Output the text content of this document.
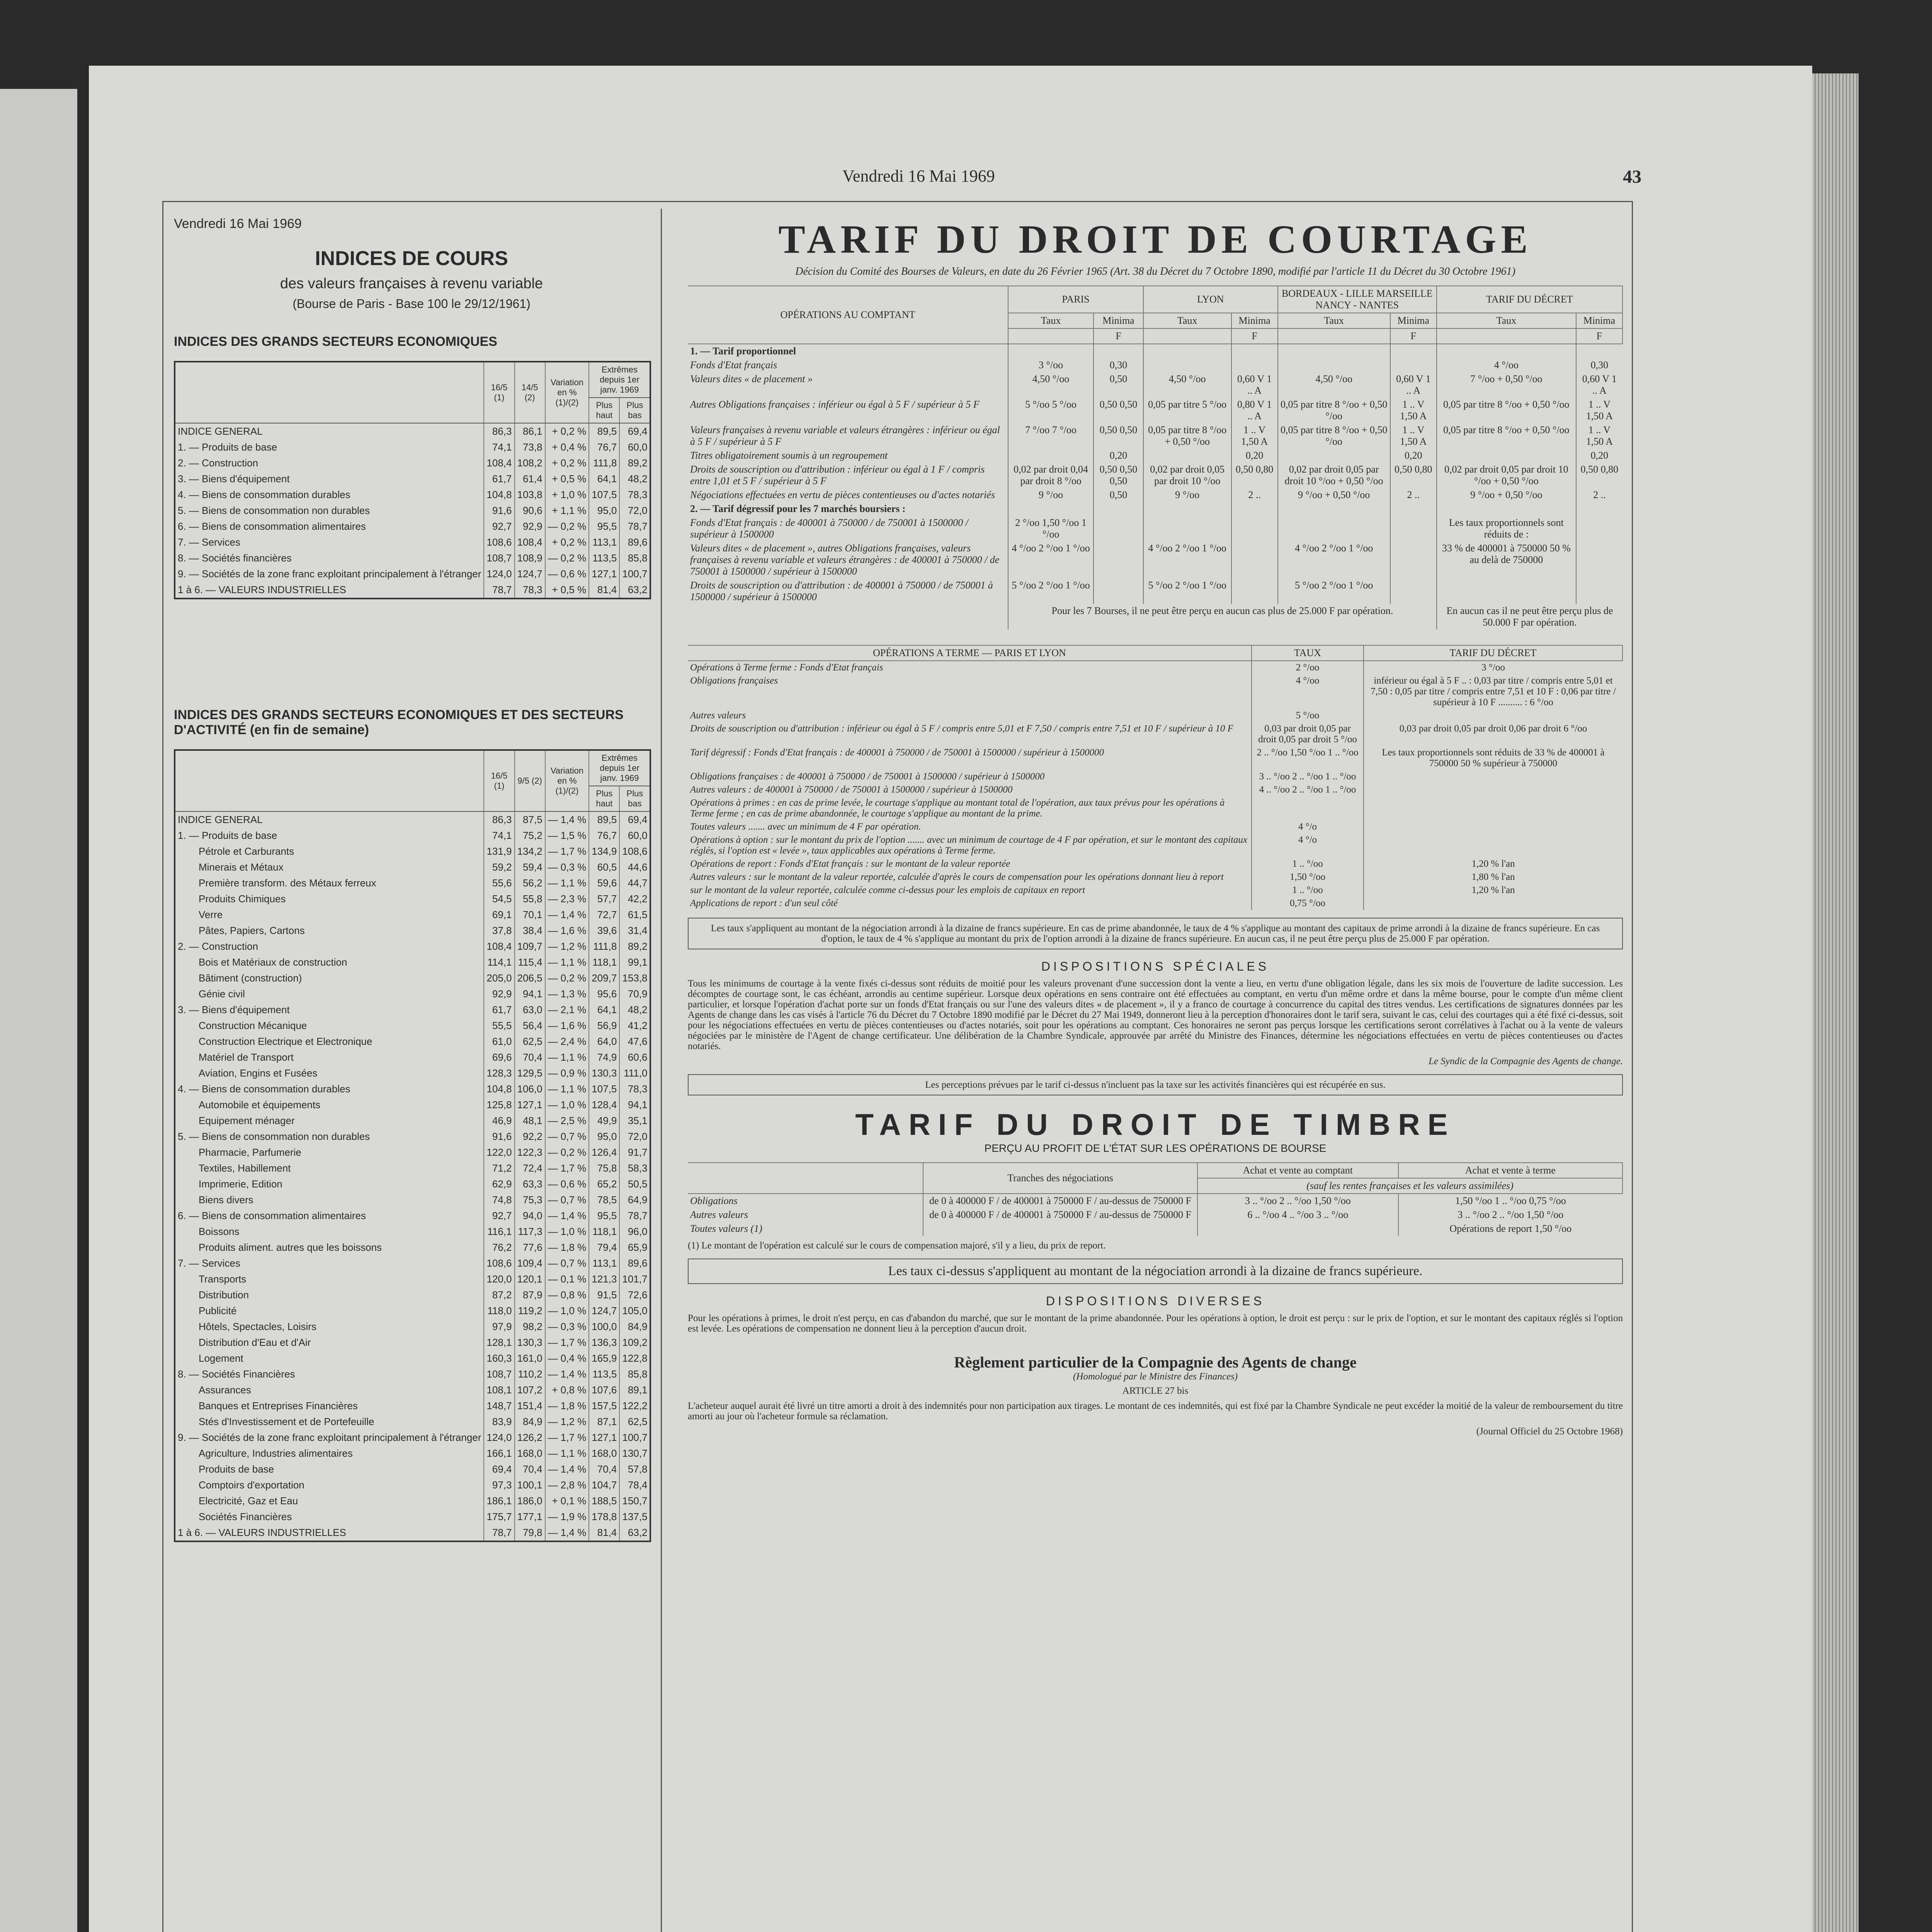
Vendredi 16 Mai 1969	43
Vendredi 16 Mai 1969
INDICES DE COURS
des valeurs françaises à revenu variable
(Bourse de Paris - Base 100 le 29/12/1961)
INDICES DES GRANDS SECTEURS ECONOMIQUES
	16/5 (1)	14/5 (2)	Variation en % (1)/(2)	Extrêmes depuis 1er janv. 1969	
				Plus haut	Plus bas
INDICE GENERAL	86,3	86,1	+ 0,2 %	89,5	69,4
1. — Produits de base	74,1	73,8	+ 0,4 %	76,7	60,0
2. — Construction	108,4	108,2	+ 0,2 %	111,8	89,2
3. — Biens d'équipement	61,7	61,4	+ 0,5 %	64,1	48,2
4. — Biens de consommation durables	104,8	103,8	+ 1,0 %	107,5	78,3
5. — Biens de consommation non durables	91,6	90,6	+ 1,1 %	95,0	72,0
6. — Biens de consommation alimentaires	92,7	92,9	— 0,2 %	95,5	78,7
7. — Services	108,6	108,4	+ 0,2 %	113,1	89,6
8. — Sociétés financières	108,7	108,9	— 0,2 %	113,5	85,8
9. — Sociétés de la zone franc exploitant principalement à l'étranger	124,0	124,7	— 0,6 %	127,1	100,7
1 à 6. — VALEURS INDUSTRIELLES	78,7	78,3	+ 0,5 %	81,4	63,2
INDICES DES GRANDS SECTEURS ECONOMIQUES ET DES SECTEURS D'ACTIVITÉ (en fin de semaine)
	16/5 (1)	9/5 (2)	Variation en % (1)/(2)	Extrêmes depuis 1er janv. 1969	
				Plus haut	Plus bas
INDICE GENERAL	86,3	87,5	— 1,4 %	89,5	69,4
1. — Produits de base	74,1	75,2	— 1,5 %	76,7	60,0
Pétrole et Carburants	131,9	134,2	— 1,7 %	134,9	108,6
Minerais et Métaux	59,2	59,4	— 0,3 %	60,5	44,6
Première transform. des Métaux ferreux	55,6	56,2	— 1,1 %	59,6	44,7
Produits Chimiques	54,5	55,8	— 2,3 %	57,7	42,2
Verre	69,1	70,1	— 1,4 %	72,7	61,5
Pâtes, Papiers, Cartons	37,8	38,4	— 1,6 %	39,6	31,4
2. — Construction	108,4	109,7	— 1,2 %	111,8	89,2
Bois et Matériaux de construction	114,1	115,4	— 1,1 %	118,1	99,1
Bâtiment (construction)	205,0	206,5	— 0,2 %	209,7	153,8
Génie civil	92,9	94,1	— 1,3 %	95,6	70,9
3. — Biens d'équipement	61,7	63,0	— 2,1 %	64,1	48,2
Construction Mécanique	55,5	56,4	— 1,6 %	56,9	41,2
Construction Electrique et Electronique	61,0	62,5	— 2,4 %	64,0	47,6
Matériel de Transport	69,6	70,4	— 1,1 %	74,9	60,6
Aviation, Engins et Fusées	128,3	129,5	— 0,9 %	130,3	111,0
4. — Biens de consommation durables	104,8	106,0	— 1,1 %	107,5	78,3
Automobile et équipements	125,8	127,1	— 1,0 %	128,4	94,1
Equipement ménager	46,9	48,1	— 2,5 %	49,9	35,1
5. — Biens de consommation non durables	91,6	92,2	— 0,7 %	95,0	72,0
Pharmacie, Parfumerie	122,0	122,3	— 0,2 %	126,4	91,7
Textiles, Habillement	71,2	72,4	— 1,7 %	75,8	58,3
Imprimerie, Edition	62,9	63,3	— 0,6 %	65,2	50,5
Biens divers	74,8	75,3	— 0,7 %	78,5	64,9
6. — Biens de consommation alimentaires	92,7	94,0	— 1,4 %	95,5	78,7
Boissons	116,1	117,3	— 1,0 %	118,1	96,0
Produits aliment. autres que les boissons	76,2	77,6	— 1,8 %	79,4	65,9
7. — Services	108,6	109,4	— 0,7 %	113,1	89,6
Transports	120,0	120,1	— 0,1 %	121,3	101,7
Distribution	87,2	87,9	— 0,8 %	91,5	72,6
Publicité	118,0	119,2	— 1,0 %	124,7	105,0
Hôtels, Spectacles, Loisirs	97,9	98,2	— 0,3 %	100,0	84,9
Distribution d'Eau et d'Air	128,1	130,3	— 1,7 %	136,3	109,2
Logement	160,3	161,0	— 0,4 %	165,9	122,8
8. — Sociétés Financières	108,7	110,2	— 1,4 %	113,5	85,8
Assurances	108,1	107,2	+ 0,8 %	107,6	89,1
Banques et Entreprises Financières	148,7	151,4	— 1,8 %	157,5	122,2
Stés d'Investissement et de Portefeuille	83,9	84,9	— 1,2 %	87,1	62,5
9. — Sociétés de la zone franc exploitant principalement à l'étranger	124,0	126,2	— 1,7 %	127,1	100,7
Agriculture, Industries alimentaires	166,1	168,0	— 1,1 %	168,0	130,7
Produits de base	69,4	70,4	— 1,4 %	70,4	57,8
Comptoirs d'exportation	97,3	100,1	— 2,8 %	104,7	78,4
Electricité, Gaz et Eau	186,1	186,0	+ 0,1 %	188,5	150,7
Sociétés Financières	175,7	177,1	— 1,9 %	178,8	137,5
1 à 6. — VALEURS INDUSTRIELLES	78,7	79,8	— 1,4 %	81,4	63,2
TARIF DU DROIT DE COURTAGE
Décision du Comité des Bourses de Valeurs, en date du 26 Février 1965 (Art. 38 du Décret du 7 Octobre 1890, modifié par l'article 11 du Décret du 30 Octobre 1961)
OPÉRATIONS AU COMPTANT	PARIS		LYON		BORDEAUX - LILLE MARSEILLE NANCY - NANTES		TARIF DU DÉCRET	
	Taux	Minima	Taux	Minima	Taux	Minima	Taux	Minima
		F		F		F		F
1. — Tarif proportionnel								
Fonds d'Etat français	3 °/oo	0,30					4 °/oo	0,30
Valeurs dites « de placement »	4,50 °/oo	0,50	4,50 °/oo	0,60 V 1 .. A	4,50 °/oo	0,60 V 1 .. A	7 °/oo + 0,50 °/oo	0,60 V 1 .. A
Autres Obligations françaises : inférieur ou égal à 5 F / supérieur à 5 F	5 °/oo 5 °/oo	0,50 0,50	0,05 par titre 5 °/oo	0,80 V 1 .. A	0,05 par titre 8 °/oo + 0,50 °/oo	1 .. V 1,50 A	0,05 par titre 8 °/oo + 0,50 °/oo	1 .. V 1,50 A
Valeurs françaises à revenu variable et valeurs étrangères : inférieur ou égal à 5 F / supérieur à 5 F	7 °/oo 7 °/oo	0,50 0,50	0,05 par titre 8 °/oo + 0,50 °/oo	1 .. V 1,50 A	0,05 par titre 8 °/oo + 0,50 °/oo	1 .. V 1,50 A	0,05 par titre 8 °/oo + 0,50 °/oo	1 .. V 1,50 A
Titres obligatoirement soumis à un regroupement		0,20		0,20		0,20		0,20
Droits de souscription ou d'attribution : inférieur ou égal à 1 F / compris entre 1,01 et 5 F / supérieur à 5 F	0,02 par droit 0,04 par droit 8 °/oo	0,50 0,50 0,50	0,02 par droit 0,05 par droit 10 °/oo	0,50 0,80	0,02 par droit 0,05 par droit 10 °/oo + 0,50 °/oo	0,50 0,80	0,02 par droit 0,05 par droit 10 °/oo + 0,50 °/oo	0,50 0,80
Négociations effectuées en vertu de pièces contentieuses ou d'actes notariés	9 °/oo	0,50	9 °/oo	2 ..	9 °/oo + 0,50 °/oo	2 ..	9 °/oo + 0,50 °/oo	2 ..
2. — Tarif dégressif pour les 7 marchés boursiers :								
Fonds d'Etat français : de 400001 à 750000 / de 750001 à 1500000 / supérieur à 1500000	2 °/oo 1,50 °/oo 1 °/oo						Les taux proportionnels sont réduits de :	
Valeurs dites « de placement », autres Obligations françaises, valeurs françaises à revenu variable et valeurs étrangères : de 400001 à 750000 / de 750001 à 1500000 / supérieur à 1500000	4 °/oo 2 °/oo 1 °/oo		4 °/oo 2 °/oo 1 °/oo		4 °/oo 2 °/oo 1 °/oo		33 % de 400001 à 750000 50 % au delà de 750000	
Droits de souscription ou d'attribution : de 400001 à 750000 / de 750001 à 1500000 / supérieur à 1500000	5 °/oo 2 °/oo 1 °/oo		5 °/oo 2 °/oo 1 °/oo		5 °/oo 2 °/oo 1 °/oo			
	Pour les 7 Bourses, il ne peut être perçu en aucun cas plus de 25.000 F par opération.						En aucun cas il ne peut être perçu plus de 50.000 F par opération.	
OPÉRATIONS A TERME — PARIS ET LYON	TAUX	TARIF DU DÉCRET
Opérations à Terme ferme : Fonds d'Etat français	2 °/oo	3 °/oo
Obligations françaises	4 °/oo	inférieur ou égal à 5 F .. : 0,03 par titre / compris entre 5,01 et 7,50 : 0,05 par titre / compris entre 7,51 et 10 F : 0,06 par titre / supérieur à 10 F .......... : 6 °/oo
Autres valeurs	5 °/oo	
Droits de souscription ou d'attribution : inférieur ou égal à 5 F / compris entre 5,01 et F 7,50 / compris entre 7,51 et 10 F / supérieur à 10 F	0,03 par droit 0,05 par droit 0,05 par droit 5 °/oo	0,03 par droit 0,05 par droit 0,06 par droit 6 °/oo
Tarif dégressif : Fonds d'Etat français : de 400001 à 750000 / de 750001 à 1500000 / supérieur à 1500000	2 .. °/oo 1,50 °/oo 1 .. °/oo	Les taux proportionnels sont réduits de 33 % de 400001 à 750000 50 % supérieur à 750000
Obligations françaises : de 400001 à 750000 / de 750001 à 1500000 / supérieur à 1500000	3 .. °/oo 2 .. °/oo 1 .. °/oo	
Autres valeurs : de 400001 à 750000 / de 750001 à 1500000 / supérieur à 1500000	4 .. °/oo 2 .. °/oo 1 .. °/oo	
Opérations à primes : en cas de prime levée, le courtage s'applique au montant total de l'opération, aux taux prévus pour les opérations à Terme ferme ; en cas de prime abandonnée, le courtage s'applique au montant de la prime.		
Toutes valeurs ....... avec un minimum de 4 F par opération.	4 °/o	
Opérations à option : sur le montant du prix de l'option ....... avec un minimum de courtage de 4 F par opération, et sur le montant des capitaux réglés, si l'option est « levée », taux applicables aux opérations à Terme ferme.	4 °/o	
Opérations de report : Fonds d'Etat français : sur le montant de la valeur reportée	1 .. °/oo	1,20 % l'an
Autres valeurs : sur le montant de la valeur reportée, calculée d'après le cours de compensation pour les opérations donnant lieu à report	1,50 °/oo	1,80 % l'an
sur le montant de la valeur reportée, calculée comme ci-dessus pour les emplois de capitaux en report	1 .. °/oo	1,20 % l'an
Applications de report : d'un seul côté	0,75 °/oo	
Les taux s'appliquent au montant de la négociation arrondi à la dizaine de francs supérieure. En cas de prime abandonnée, le taux de 4 % s'applique au montant des capitaux de prime arrondi à la dizaine de francs supérieure. En cas d'option, le taux de 4 % s'applique au montant du prix de l'option arrondi à la dizaine de francs supérieure. En aucun cas, il ne peut être perçu plus de 25.000 F par opération.
DISPOSITIONS SPÉCIALES
Tous les minimums de courtage à la vente fixés ci-dessus sont réduits de moitié pour les valeurs provenant d'une succession dont la vente a lieu, en vertu d'une obligation légale, dans les six mois de l'ouverture de ladite succession. Les décomptes de courtage sont, le cas échéant, arrondis au centime supérieur. Lorsque deux opérations en sens contraire ont été effectuées au comptant, en vertu d'un même ordre et dans la même bourse, pour le compte d'un même client particulier, et lorsque l'opération d'achat porte sur un fonds d'Etat français ou sur l'une des valeurs dites « de placement », il y a franco de courtage à concurrence du capital des titres vendus. Les certifications de signatures données par les Agents de change dans les cas visés à l'article 76 du Décret du 7 Octobre 1890 modifié par le Décret du 27 Mai 1949, donneront lieu à la perception d'honoraires dont le tarif sera, suivant le cas, celui des courtages qui a été fixé ci-dessus, soit pour les négociations effectuées en vertu de pièces contentieuses ou d'actes notariés, soit pour les opérations au comptant. Ces honoraires ne seront pas perçus lorsque les certifications seront corrélatives à l'achat ou à la vente de valeurs négociées par le ministère de l'Agent de change certificateur. Une délibération de la Chambre Syndicale, approuvée par arrêté du Ministre des Finances, détermine les négociations effectuées en vertu de pièces contentieuses ou d'actes notariés.
Le Syndic de la Compagnie des Agents de change.
Les perceptions prévues par le tarif ci-dessus n'incluent pas la taxe sur les activités financières qui est récupérée en sus.
TARIF DU DROIT DE TIMBRE
PERÇU AU PROFIT DE L'ÉTAT SUR LES OPÉRATIONS DE BOURSE
	Tranches des négociations	Achat et vente au comptant	Achat et vente à terme
		(sauf les rentes françaises et les valeurs assimilées)	
Obligations	de 0 à 400000 F / de 400001 à 750000 F / au-dessus de 750000 F	3 .. °/oo 2 .. °/oo 1,50 °/oo	1,50 °/oo 1 .. °/oo 0,75 °/oo
Autres valeurs	de 0 à 400000 F / de 400001 à 750000 F / au-dessus de 750000 F	6 .. °/oo 4 .. °/oo 3 .. °/oo	3 .. °/oo 2 .. °/oo 1,50 °/oo
Toutes valeurs (1)			Opérations de report 1,50 °/oo
(1) Le montant de l'opération est calculé sur le cours de compensation majoré, s'il y a lieu, du prix de report.
Les taux ci-dessus s'appliquent au montant de la négociation arrondi à la dizaine de francs supérieure.
DISPOSITIONS DIVERSES
Pour les opérations à primes, le droit n'est perçu, en cas d'abandon du marché, que sur le montant de la prime abandonnée. Pour les opérations à option, le droit est perçu : sur le prix de l'option, et sur le montant des capitaux réglés si l'option est levée. Les opérations de compensation ne donnent lieu à la perception d'aucun droit.
Règlement particulier de la Compagnie des Agents de change
(Homologué par le Ministre des Finances)
ARTICLE 27 bis
L'acheteur auquel aurait été livré un titre amorti a droit à des indemnités pour non participation aux tirages. Le montant de ces indemnités, qui est fixé par la Chambre Syndicale ne peut excéder la moitié de la valeur de remboursement du titre amorti au jour où l'acheteur formule sa réclamation.
(Journal Officiel du 25 Octobre 1968)
